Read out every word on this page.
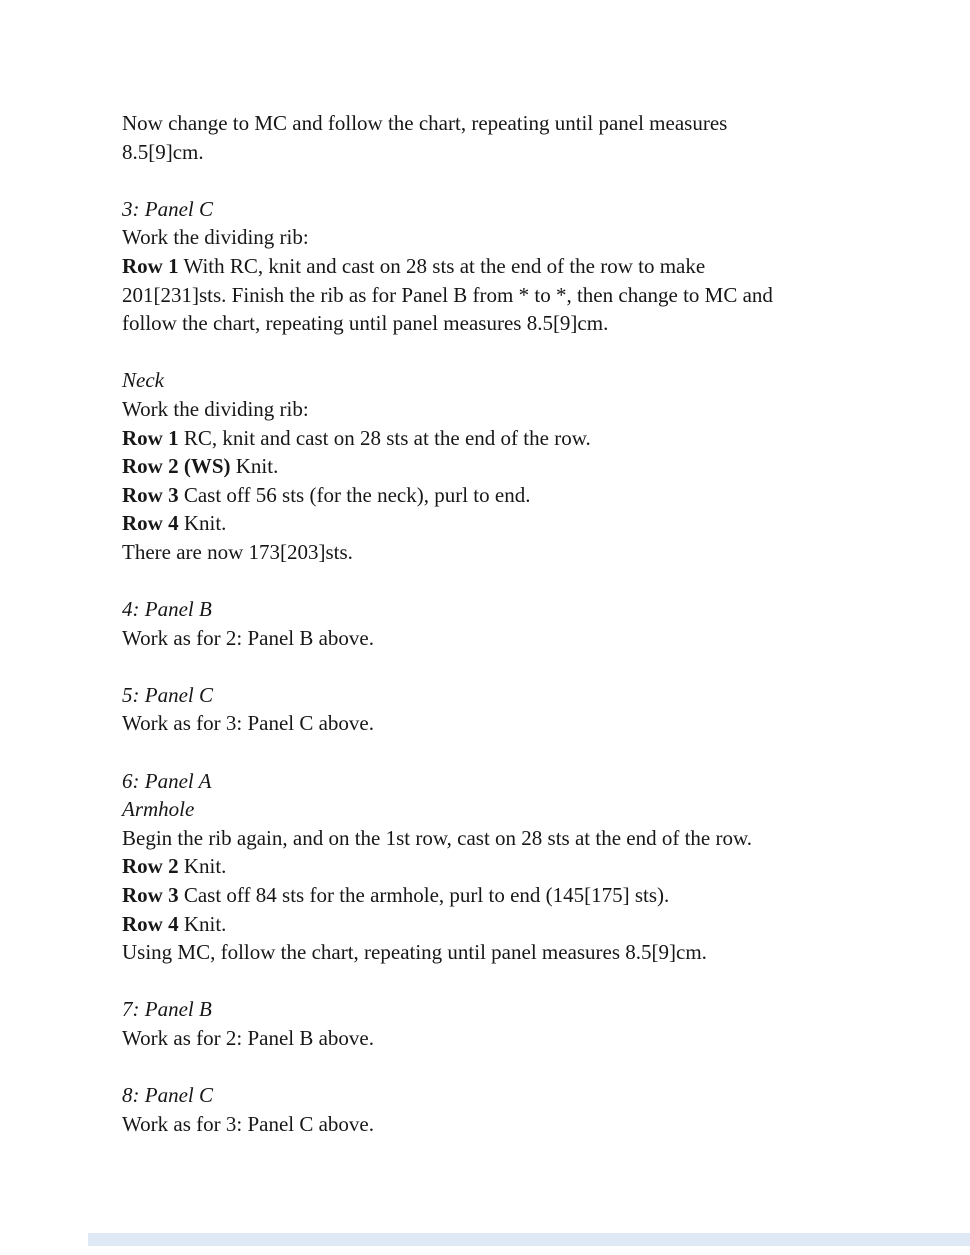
Now change to MC and follow the chart, repeating until panel measures
8.5[9]cm.
3: Panel C
Work the dividing rib:
Row 1 With RC, knit and cast on 28 sts at the end of the row to make
201[231]sts. Finish the rib as for Panel B from * to *, then change to MC and
follow the chart, repeating until panel measures 8.5[9]cm.
Neck
Work the dividing rib:
Row 1 RC, knit and cast on 28 sts at the end of the row.
Row 2 (WS) Knit.
Row 3 Cast off 56 sts (for the neck), purl to end.
Row 4 Knit.
There are now 173[203]sts.
4: Panel B
Work as for 2: Panel B above.
5: Panel C
Work as for 3: Panel C above.
6: Panel A
Armhole
Begin the rib again, and on the 1st row, cast on 28 sts at the end of the row.
Row 2 Knit.
Row 3 Cast off 84 sts for the armhole, purl to end (145[175] sts).
Row 4 Knit.
Using MC, follow the chart, repeating until panel measures 8.5[9]cm.
7: Panel B
Work as for 2: Panel B above.
8: Panel C
Work as for 3: Panel C above.
